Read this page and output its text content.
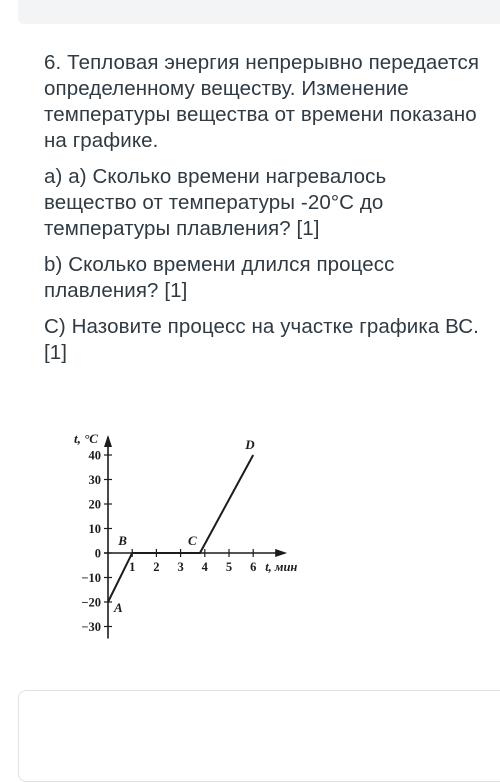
6. Тепловая энергия непрерывно передается определенному веществу. Изменение температуры вещества от времени показано на графике.

а) а) Сколько времени нагревалось вещество от температуры -20°С до температуры плавления? [1]

b) Сколько времени длился процесс плавления? [1]

С) Назовите процесс на участке графика ВС. [1]

40
30
20
10
0
−10
−20
−30
1 2 3 4 5 6
t, °C
t, мин
A
B	C
D
